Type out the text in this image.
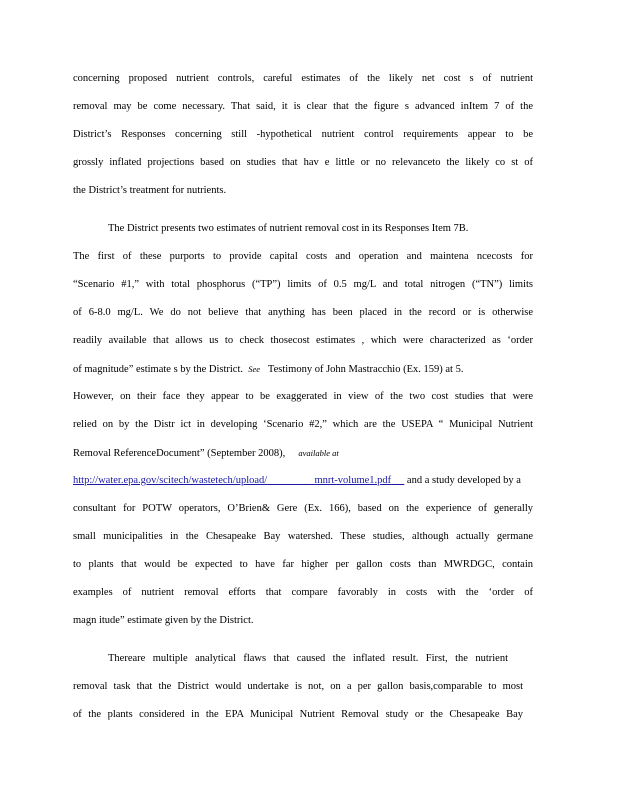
concerning proposed nutrient controls, careful estimates of the likely net cost s of nutrient
removal may be come necessary. That said, it is clear that the figure s advanced inItem 7 of the
District’s Responses concerning still -hypothetical nutrient control requirements appear to be
grossly inflated projections based on studies that hav e little or no relevanceto the likely co st of
the District’s treatment for nutrients.
The District presents two estimates of nutrient removal cost in its Responses Item 7B.
The first of these purports to provide capital costs and operation and maintena ncecosts for
“Scenario #1,” with total phosphorus (“TP”) limits of 0.5 mg/L and total nitrogen (“TN”) limits
of 6-8.0 mg/L. We do not believe that anything has been placed in the record or is otherwise
readily available that allows us to check thosecost estimates , which were characterized as ‘order
of magnitude” estimate s by the District. See Testimony of John Mastracchio (Ex. 159) at 5.
However, on their face they appear to be exaggerated in view of the two cost studies that were
relied on by the Distr ict in developing ‘Scenario #2,” which are the USEPA “ Municipal Nutrient
Removal ReferenceDocument” (September 2008), available at
http://water.epa.gov/scitech/wastetech/upload/	mnrt-volume1.pdf and a study developed by a
consultant for POTW operators, O’Brien& Gere (Ex. 166), based on the experience of generally
small municipalities in the Chesapeake Bay watershed. These studies, although actually germane
to plants that would be expected to have far higher per gallon costs than MWRDGC, contain
examples of nutrient removal efforts that compare favorably in costs with the ‘order of
magn itude” estimate given by the District.
Thereare multiple analytical flaws that caused the inflated result. First, the nutrient
removal task that the District would undertake is not, on a per gallon basis,comparable to most
of the plants considered in the EPA Municipal Nutrient Removal study or the Chesapeake Bay
